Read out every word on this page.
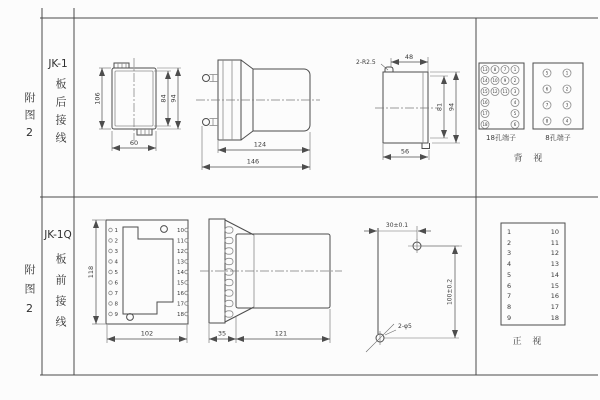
106	84 94
60	124
146
48
2-R2.5
81 94
56
13 8 7 1
14 10 9 2
15 12 11 3
16	4
17	5
18	6
18孔端子
5	1
6	2
7	3
8	4
8孔端子
背 视
1
2
3
4
5
6
7
8
9
10
11
12
13
14
15
16
17
18
118
102	35	121
30±0.1
100±0.2
2-φ5
1	10
2	11
3	12
4	13
5	14
6	15
7	16
8	17
9	18
正 视
附图2
JK-1
板后接线
附图2
JK-1Q
板前接线
